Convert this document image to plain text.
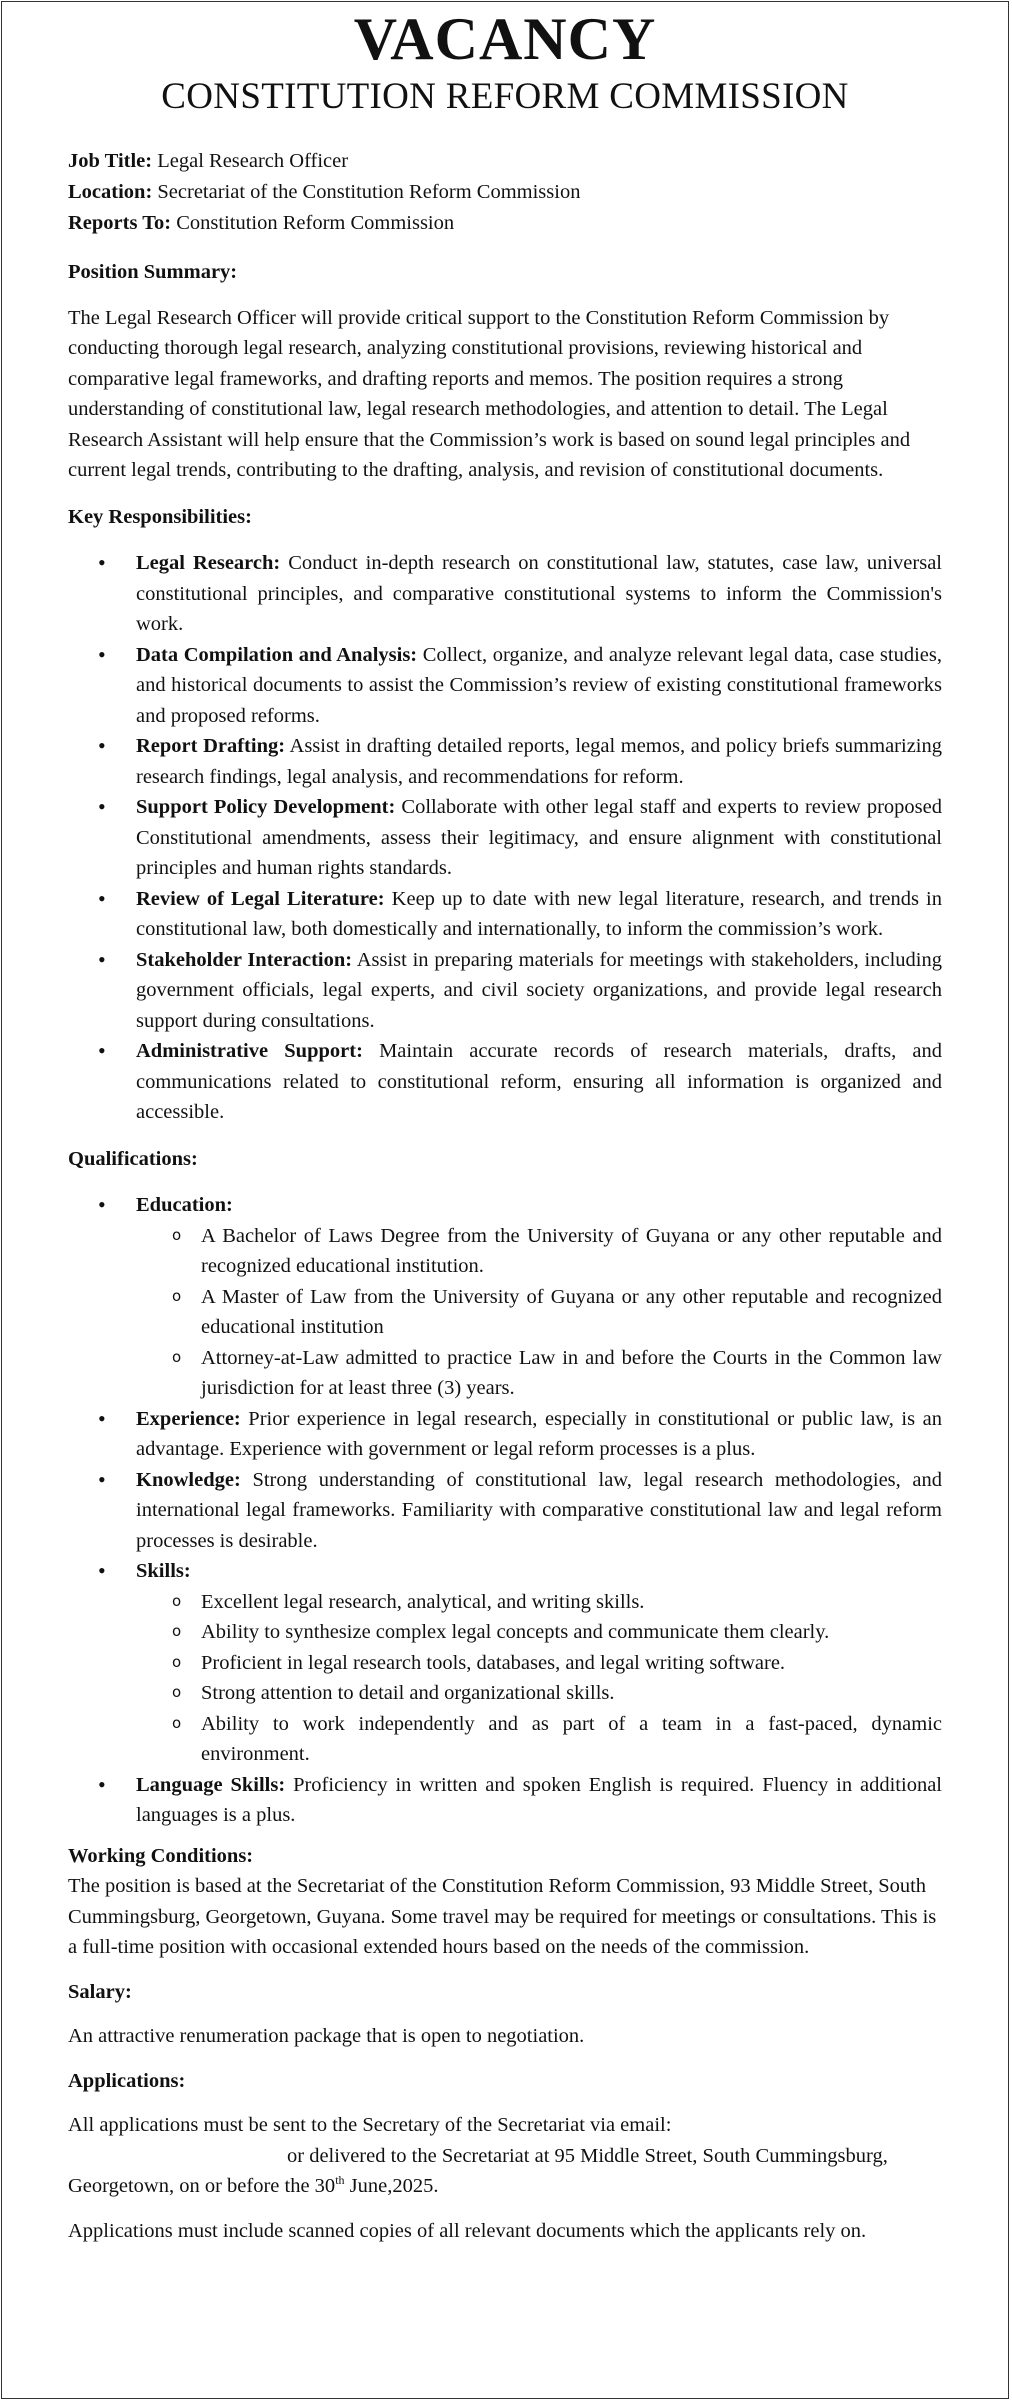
VACANCY
CONSTITUTION REFORM COMMISSION
Job Title: Legal Research Officer
Location: Secretariat of the Constitution Reform Commission
Reports To: Constitution Reform Commission
Position Summary:

The Legal Research Officer will provide critical support to the Constitution Reform Commission by conducting thorough legal research, analyzing constitutional provisions, reviewing historical and comparative legal frameworks, and drafting reports and memos. The position requires a strong understanding of constitutional law, legal research methodologies, and attention to detail. The Legal Research Assistant will help ensure that the Commission’s work is based on sound legal principles and current legal trends, contributing to the drafting, analysis, and revision of constitutional documents.

Key Responsibilities:
• Legal Research: Conduct in-depth research on constitutional law, statutes, case law, universal constitutional principles, and comparative constitutional systems to inform the Commission's work.
• Data Compilation and Analysis: Collect, organize, and analyze relevant legal data, case studies, and historical documents to assist the Commission’s review of existing constitutional frameworks and proposed reforms.
• Report Drafting: Assist in drafting detailed reports, legal memos, and policy briefs summarizing research findings, legal analysis, and recommendations for reform.
• Support Policy Development: Collaborate with other legal staff and experts to review proposed Constitutional amendments, assess their legitimacy, and ensure alignment with constitutional principles and human rights standards.
• Review of Legal Literature: Keep up to date with new legal literature, research, and trends in constitutional law, both domestically and internationally, to inform the commission’s work.
• Stakeholder Interaction: Assist in preparing materials for meetings with stakeholders, including government officials, legal experts, and civil society organizations, and provide legal research support during consultations.
• Administrative Support: Maintain accurate records of research materials, drafts, and communications related to constitutional reform, ensuring all information is organized and accessible.
Qualifications:
• Education:
o A Bachelor of Laws Degree from the University of Guyana or any other reputable and recognized educational institution.
o A Master of Law from the University of Guyana or any other reputable and recognized educational institution
o Attorney-at-Law admitted to practice Law in and before the Courts in the Common law jurisdiction for at least three (3) years.
• Experience: Prior experience in legal research, especially in constitutional or public law, is an advantage. Experience with government or legal reform processes is a plus.
• Knowledge: Strong understanding of constitutional law, legal research methodologies, and international legal frameworks. Familiarity with comparative constitutional law and legal reform processes is desirable.
• Skills:
o Excellent legal research, analytical, and writing skills.
o Ability to synthesize complex legal concepts and communicate them clearly.
o Proficient in legal research tools, databases, and legal writing software.
o Strong attention to detail and organizational skills.
o Ability to work independently and as part of a team in a fast-paced, dynamic environment.
• Language Skills: Proficiency in written and spoken English is required. Fluency in additional languages is a plus.
Working Conditions:

The position is based at the Secretariat of the Constitution Reform Commission, 93 Middle Street, South Cummingsburg, Georgetown, Guyana. Some travel may be required for meetings or consultations. This is a full-time position with occasional extended hours based on the needs of the commission.

Salary:

An attractive renumeration package that is open to negotiation.

Applications:

All applications must be sent to the Secretary of the Secretariat via email:

or delivered to the Secretariat at 95 Middle Street, South Cummingsburg,

Georgetown, on or before the 30th June,2025.

Applications must include scanned copies of all relevant documents which the applicants rely on.
